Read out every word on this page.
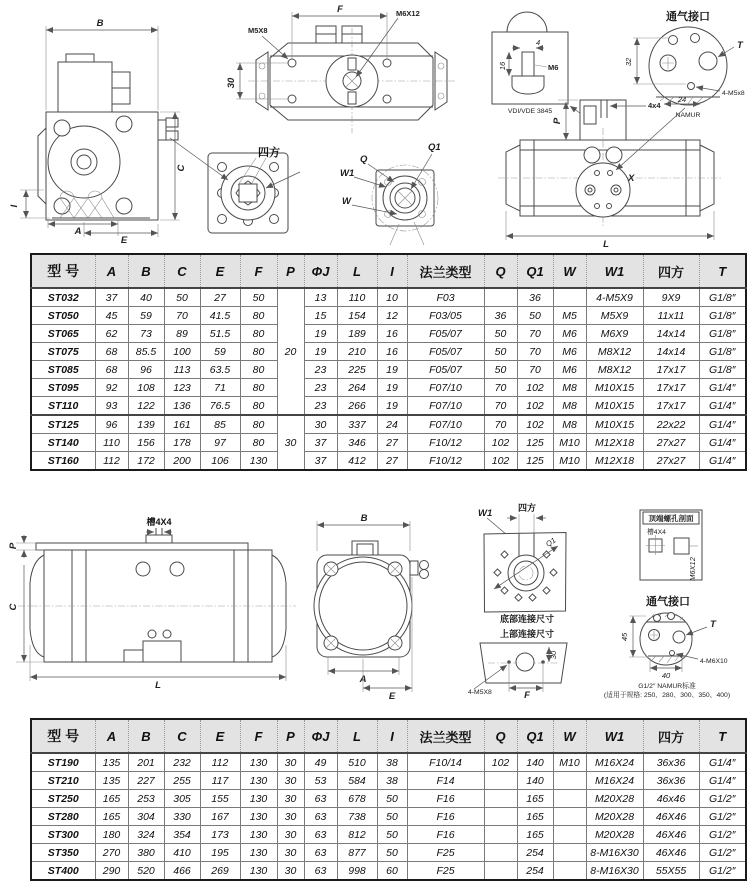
B
C
I
A
E
F
30
M5X8
M6X12
四方
Q
Q1
W1
W
4
16	M6
VDI/VDE 3845
通气接口
32
24
NAMUR
T
4-M5x8
4x4
P
X
L
型 号	A	B	C	E	F	P	ΦJ	L	I	法兰类型	Q	Q1	W	W1	四方	T
ST032	37	40	50	27	50	20	13	110	10	F03		36		4-M5X9	9X9	G1/8″
ST050	45	59	70	41.5	80		15	154	12	F03/05	36	50	M5	M5X9	11x11	G1/8″
ST065	62	73	89	51.5	80		19	189	16	F05/07	50	70	M6	M6X9	14x14	G1/8″
ST075	68	85.5	100	59	80		19	210	16	F05/07	50	70	M6	M8X12	14x14	G1/8″
ST085	68	96	113	63.5	80		23	225	19	F05/07	50	70	M6	M8X12	17x17	G1/8″
ST095	92	108	123	71	80		23	264	19	F07/10	70	102	M8	M10X15	17x17	G1/4″
ST110	93	122	136	76.5	80		23	266	19	F07/10	70	102	M8	M10X15	17x17	G1/4″
ST125	96	139	161	85	80	30	30	337	24	F07/10	70	102	M8	M10X15	22x22	G1/4″
ST140	110	156	178	97	80		37	346	27	F10/12	102	125	M10	M12X18	27x27	G1/4″
ST160	112	172	200	106	130		37	412	27	F10/12	102	125	M10	M12X18	27x27	G1/4″
槽4X4
P
C
L
B
A
E
W1	四方
Q1
底部连接尺寸
上部连接尺寸
30
F
4-M5X8
顶端螺孔剖面
槽4X4
M6X12
通气接口
45
T
4-M6X10
40
G1/2″ NAMUR标准
(适用于规格: 250、280、300、350、400)
型 号	A	B	C	E	F	P	ΦJ	L	I	法兰类型	Q	Q1	W	W1	四方	T
ST190	135	201	232	112	130	30	49	510	38	F10/14	102	140	M10	M16X24	36x36	G1/4″
ST210	135	227	255	117	130	30	53	584	38	F14		140		M16X24	36x36	G1/4″
ST250	165	253	305	155	130	30	63	678	50	F16		165		M20X28	46x46	G1/2″
ST280	165	304	330	167	130	30	63	738	50	F16		165		M20X28	46X46	G1/2″
ST300	180	324	354	173	130	30	63	812	50	F16		165		M20X28	46X46	G1/2″
ST350	270	380	410	195	130	30	63	877	50	F25		254		8-M16X30	46X46	G1/2″
ST400	290	520	466	269	130	30	63	998	60	F25		254		8-M16X30	55X55	G1/2″
